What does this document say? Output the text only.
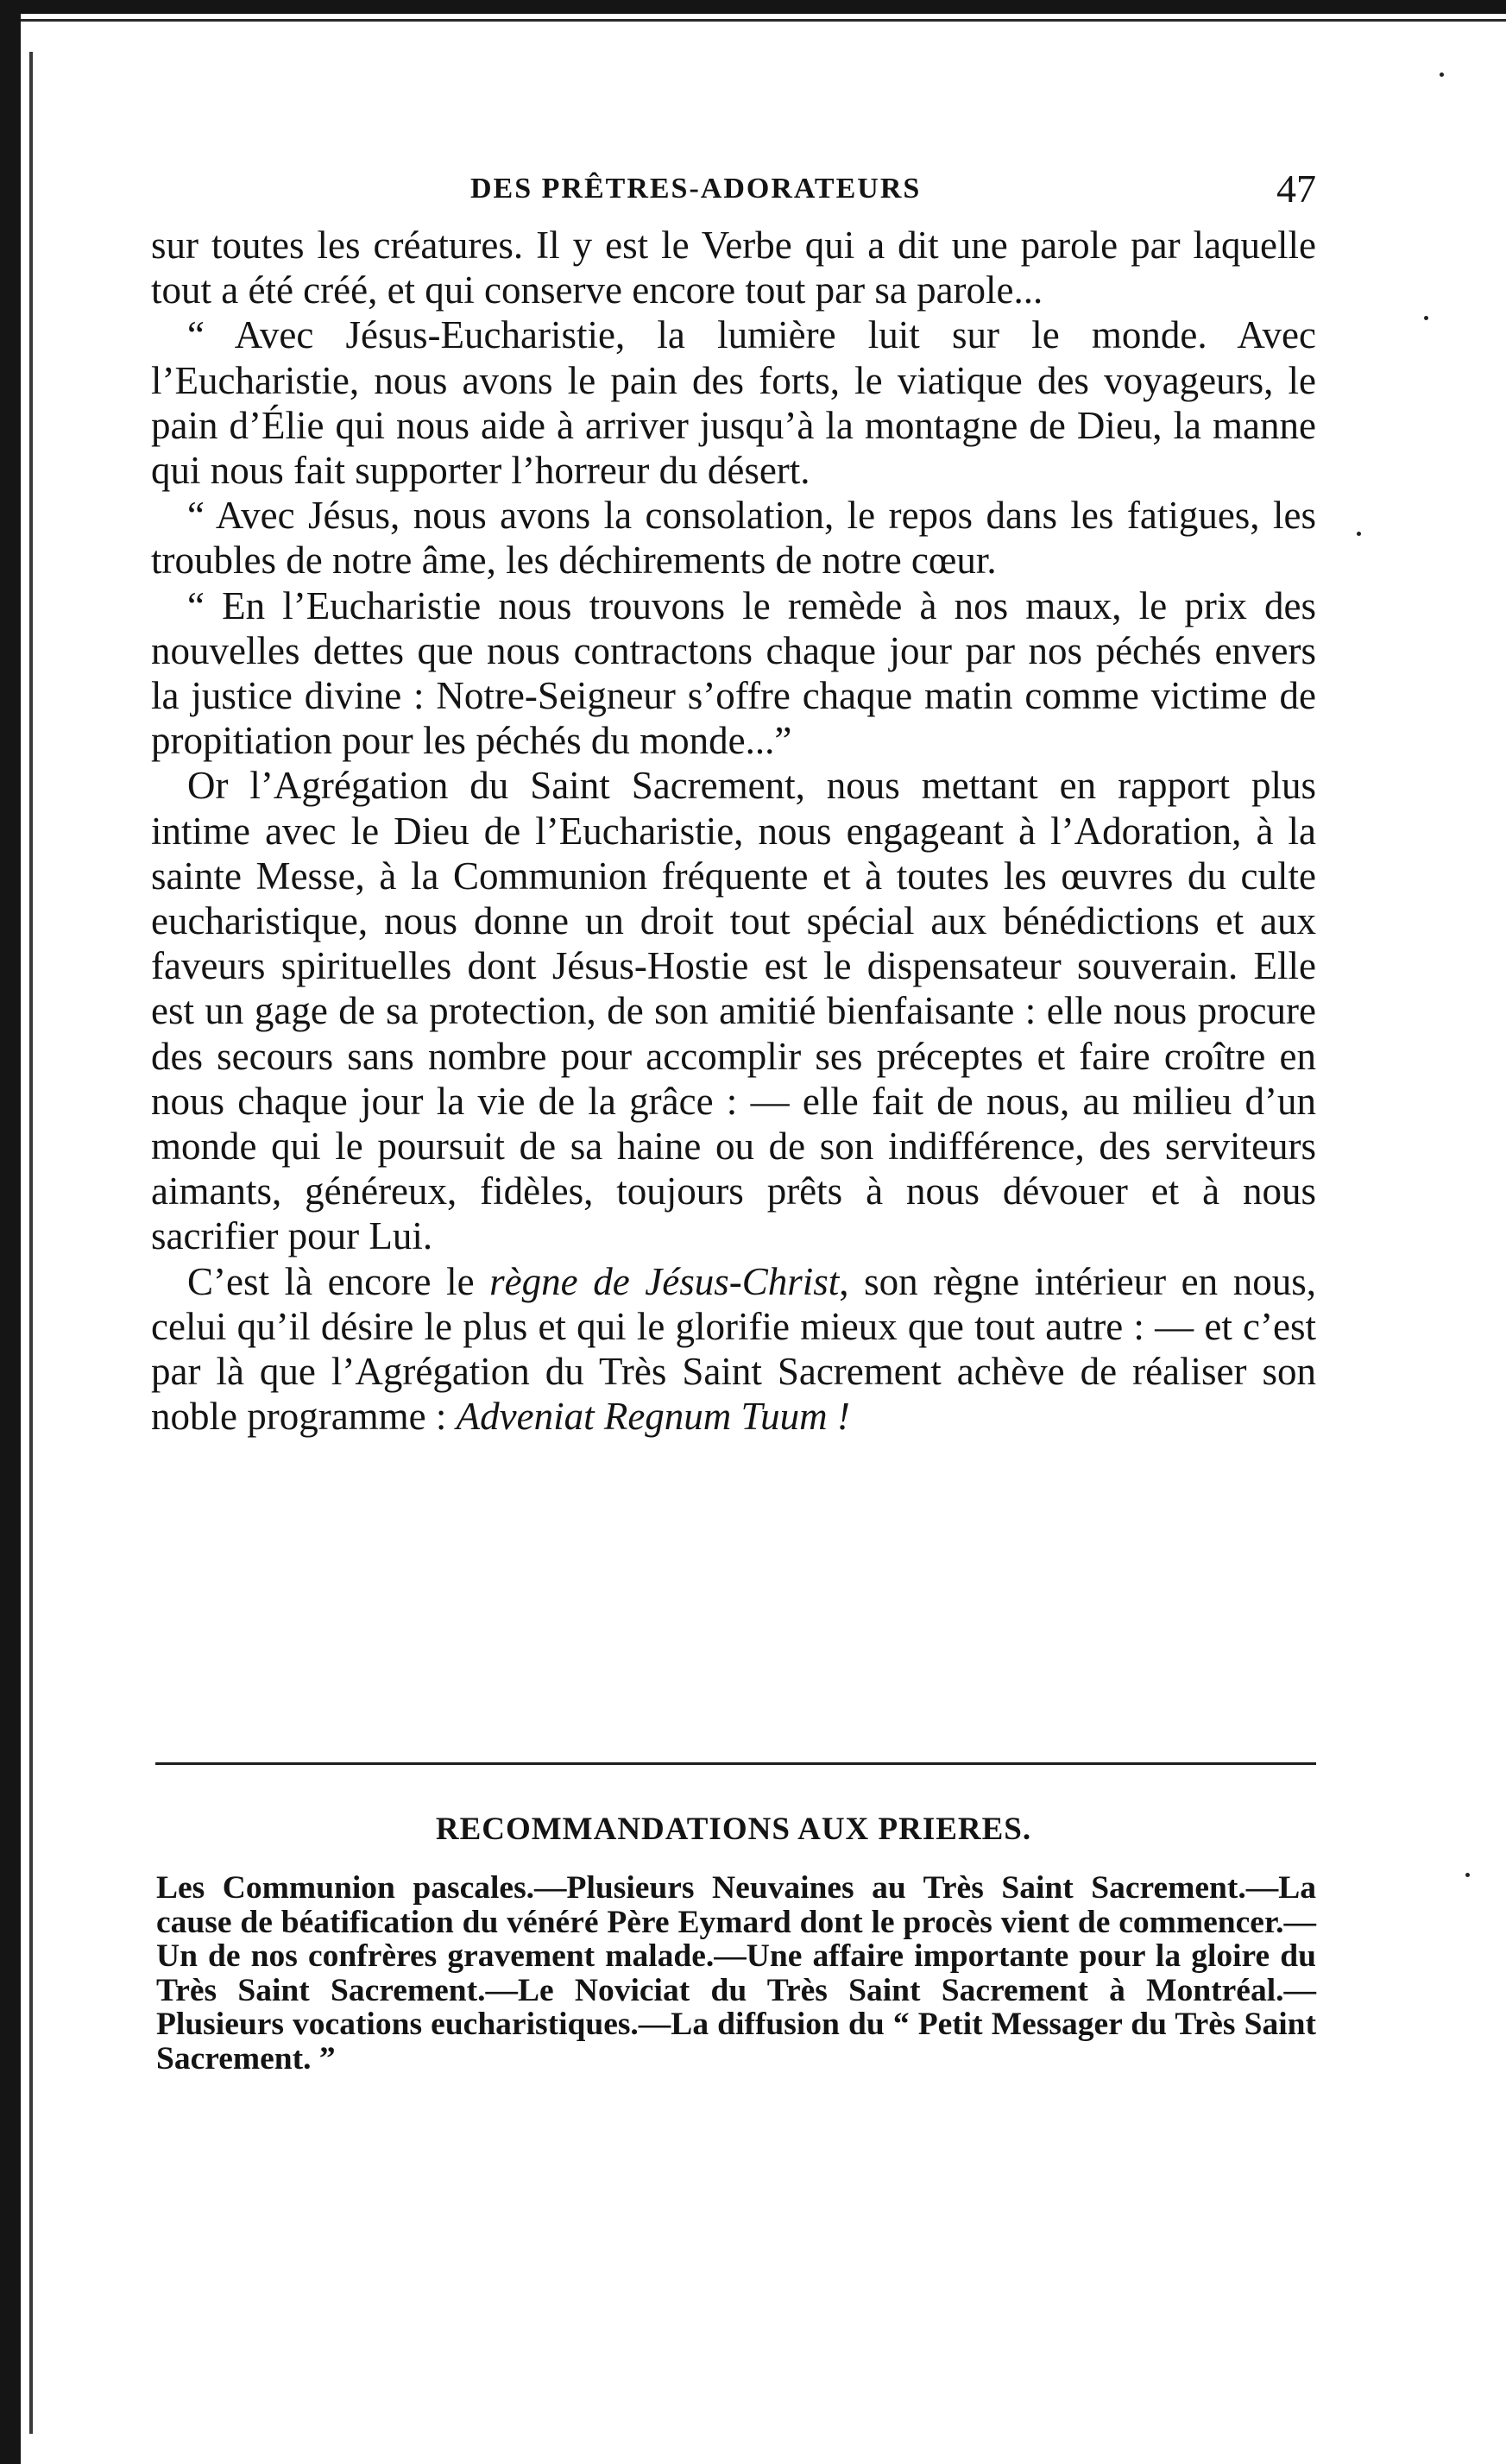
DES PRÊTRES-ADORATEURS	47

sur toutes les créatures. Il y est le Verbe qui a dit une parole par laquelle tout a été créé, et qui conserve encore tout par sa parole...

“ Avec Jésus-Eucharistie, la lumière luit sur le monde. Avec l’Eucharistie, nous avons le pain des forts, le viatique des voyageurs, le pain d’Élie qui nous aide à arriver jusqu’à la montagne de Dieu, la manne qui nous fait supporter l’horreur du désert.

“ Avec Jésus, nous avons la consolation, le repos dans les fatigues, les troubles de notre âme, les déchirements de notre cœur.

“ En l’Eucharistie nous trouvons le remède à nos maux, le prix des nouvelles dettes que nous contractons chaque jour par nos péchés envers la justice divine : Notre-Seigneur s’offre chaque matin comme victime de propitiation pour les péchés du monde...”

Or l’Agrégation du Saint Sacrement, nous mettant en rapport plus intime avec le Dieu de l’Eucharistie, nous engageant à l’Adoration, à la sainte Messe, à la Communion fréquente et à toutes les œuvres du culte eucharistique, nous donne un droit tout spécial aux bénédictions et aux faveurs spirituelles dont Jésus-Hostie est le dispensateur souverain. Elle est un gage de sa protection, de son amitié bienfaisante : elle nous procure des secours sans nombre pour accomplir ses préceptes et faire croître en nous chaque jour la vie de la grâce : — elle fait de nous, au milieu d’un monde qui le poursuit de sa haine ou de son indifférence, des serviteurs aimants, généreux, fidèles, toujours prêts à nous dévouer et à nous sacrifier pour Lui.

C’est là encore le règne de Jésus-Christ, son règne intérieur en nous, celui qu’il désire le plus et qui le glorifie mieux que tout autre : — et c’est par là que l’Agrégation du Très Saint Sacrement achève de réaliser son noble programme : Adveniat Regnum Tuum !

RECOMMANDATIONS AUX PRIERES.

Les Communion pascales.—Plusieurs Neuvaines au Très Saint Sacrement.—La cause de béatification du vénéré Père Eymard dont le procès vient de commencer.—Un de nos confrères gravement malade.—Une affaire importante pour la gloire du Très Saint Sacrement.—Le Noviciat du Très Saint Sacrement à Montréal.—Plusieurs vocations eucharistiques.—La diffusion du “ Petit Messager du Très Saint Sacrement. ”
